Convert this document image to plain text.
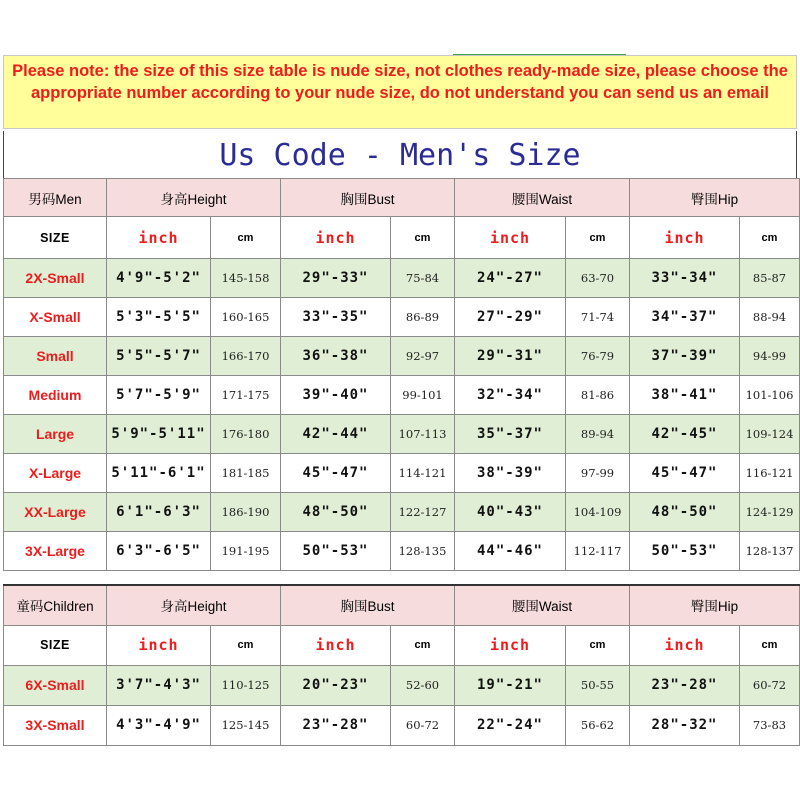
Please note: the size of this size table is nude size, not clothes ready-made size, please choose the appropriate number according to your nude size, do not understand you can send us an email
Us Code - Men's Size
男码Men	身高Height		胸围Bust		腰围Waist		臀围Hip	
SIZE	inch	cm	inch	cm	inch	cm	inch	cm
2X-Small	4'9"-5'2"	145-158	29"-33"	75-84	24"-27"	63-70	33"-34"	85-87
X-Small	5'3"-5'5"	160-165	33"-35"	86-89	27"-29"	71-74	34"-37"	88-94
Small	5'5"-5'7"	166-170	36"-38"	92-97	29"-31"	76-79	37"-39"	94-99
Medium	5'7"-5'9"	171-175	39"-40"	99-101	32"-34"	81-86	38"-41"	101-106
Large	5'9"-5'11"	176-180	42"-44"	107-113	35"-37"	89-94	42"-45"	109-124
X-Large	5'11"-6'1"	181-185	45"-47"	114-121	38"-39"	97-99	45"-47"	116-121
XX-Large	6'1"-6'3"	186-190	48"-50"	122-127	40"-43"	104-109	48"-50"	124-129
3X-Large	6'3"-6'5"	191-195	50"-53"	128-135	44"-46"	112-117	50"-53"	128-137
童码Children	身高Height		胸围Bust		腰围Waist		臀围Hip	
SIZE	inch	cm	inch	cm	inch	cm	inch	cm
6X-Small	3'7"-4'3"	110-125	20"-23"	52-60	19"-21"	50-55	23"-28"	60-72
3X-Small	4'3"-4'9"	125-145	23"-28"	60-72	22"-24"	56-62	28"-32"	73-83
